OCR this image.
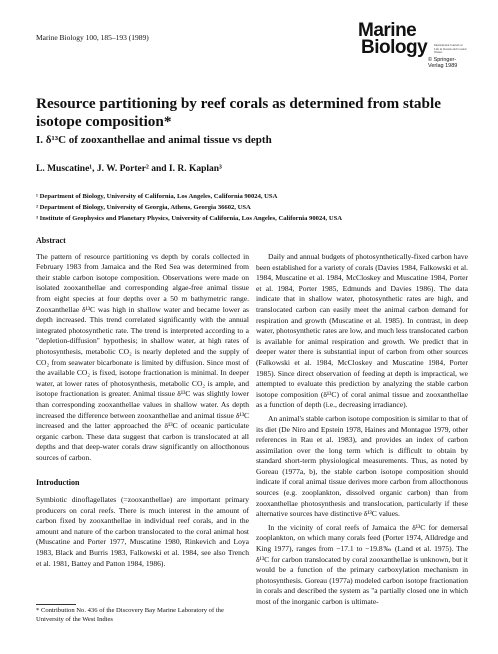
Marine Biology 100, 185–193 (1989)	Marine
Biology	International Journal on Life in Oceans and Coastal Waters
© Springer-Verlag 1989
Resource partitioning by reef corals as determined from stable isotope composition*
I. δ¹³C of zooxanthellae and animal tissue vs depth
L. Muscatine¹, J. W. Porter² and I. R. Kaplan³
¹ Department of Biology, University of California, Los Angeles, California 90024, USA
² Department of Biology, University of Georgia, Athens, Georgia 36602, USA
³ Institute of Geophysics and Planetary Physics, University of California, Los Angeles, California 90024, USA
Abstract

The pattern of resource partitioning vs depth by corals collected in February 1983 from Jamaica and the Red Sea was determined from their stable carbon isotope composition. Observations were made on isolated zooxanthellae and corresponding algae-free animal tissue from eight species at four depths over a 50 m bathymetric range. Zooxanthellae δ¹³C was high in shallow water and became lower as depth increased. This trend correlated significantly with the annual integrated photosynthetic rate. The trend is interpreted according to a "depletion-diffusion" hypothesis; in shallow water, at high rates of photosynthesis, metabolic CO₂ is nearly depleted and the supply of CO₂ from seawater bicarbonate is limited by diffusion. Since most of the available CO₂ is fixed, isotope fractionation is minimal. In deeper water, at lower rates of photosynthesis, metabolic CO₂ is ample, and isotope fractionation is greater. Animal tissue δ¹³C was slightly lower than corresponding zooxanthellae values in shallow water. As depth increased the difference between zooxanthellae and animal tissue δ¹³C increased and the latter approached the δ¹³C of oceanic particulate organic carbon. These data suggest that carbon is translocated at all depths and that deep-water corals draw significantly on allocthonous sources of carbon.

Introduction

Symbiotic dinoflagellates (=zooxanthellae) are important primary producers on coral reefs. There is much interest in the amount of carbon fixed by zooxanthellae in individual reef corals, and in the amount and nature of the carbon translocated to the coral animal host (Muscatine and Porter 1977, Muscatine 1980, Rinkevich and Loya 1983, Black and Burris 1983, Falkowski et al. 1984, see also Trench et al. 1981, Battey and Patton 1984, 1986).

* Contribution No. 436 of the Discovery Bay Marine Laboratory of the University of the West Indies

Daily and annual budgets of photosynthetically-fixed carbon have been established for a variety of corals (Davies 1984, Falkowski et al. 1984, Muscatine et al. 1984, McCloskey and Muscatine 1984, Porter et al. 1984, Porter 1985, Edmunds and Davies 1986). The data indicate that in shallow water, photosynthetic rates are high, and translocated carbon can easily meet the animal carbon demand for respiration and growth (Muscatine et al. 1985). In contrast, in deep water, photosynthetic rates are low, and much less translocated carbon is available for animal respiration and growth. We predict that in deeper water there is substantial input of carbon from other sources (Falkowski et al. 1984, McCloskey and Muscatine 1984, Porter 1985). Since direct observation of feeding at depth is impractical, we attempted to evaluate this prediction by analyzing the stable carbon isotope composition (δ¹³C) of coral animal tissue and zooxanthellae as a function of depth (i.e., decreasing irradiance).

An animal's stable carbon isotope composition is similar to that of its diet (De Niro and Epstein 1978, Haines and Montague 1979, other references in Rau et al. 1983), and provides an index of carbon assimilation over the long term which is difficult to obtain by standard short-term physiological measurements. Thus, as noted by Goreau (1977a, b), the stable carbon isotope composition should indicate if coral animal tissue derives more carbon from allocthonous sources (e.g. zooplankton, dissolved organic carbon) than from zooxanthellae photosynthesis and translocation, particularly if these alternative sources have distinctive δ¹³C values.

In the vicinity of coral reefs of Jamaica the δ¹³C for demersal zooplankton, on which many corals feed (Porter 1974, Alldredge and King 1977), ranges from −17.1 to −19.8‰ (Land et al. 1975). The δ¹³C for carbon translocated by coral zooxanthellae is unknown, but it would be a function of the primary carboxylation mechanism in photosynthesis. Goreau (1977a) modeled carbon isotope fractionation in corals and described the system as "a partially closed one in which most of the inorganic carbon is ultimate-
